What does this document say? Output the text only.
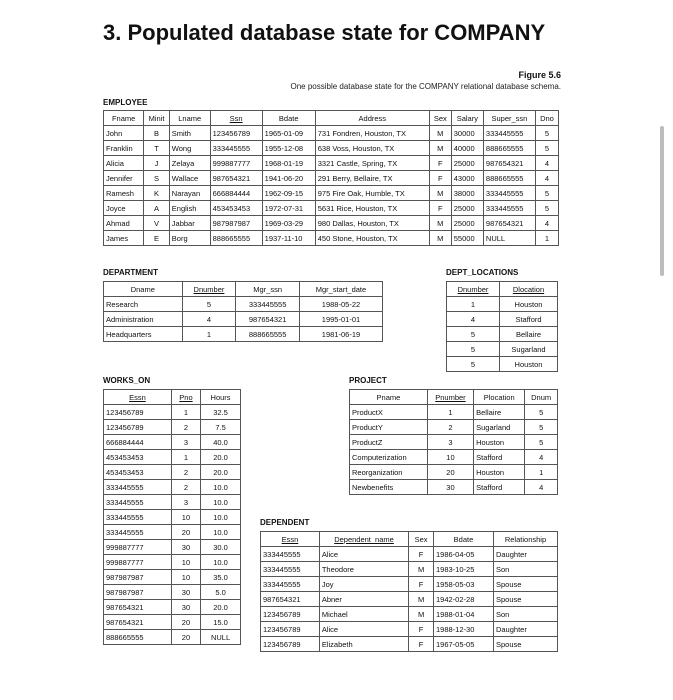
3. Populated database state for COMPANY
Figure 5.6
One possible database state for the COMPANY relational database schema.
EMPLOYEE
Fname	Minit	Lname	Ssn	Bdate	Address	Sex	Salary	Super_ssn	Dno
John	B	Smith	123456789	1965-01-09	731 Fondren, Houston, TX	M	30000	333445555	5
Franklin	T	Wong	333445555	1955-12-08	638 Voss, Houston, TX	M	40000	888665555	5
Alicia	J	Zelaya	999887777	1968-01-19	3321 Castle, Spring, TX	F	25000	987654321	4
Jennifer	S	Wallace	987654321	1941-06-20	291 Berry, Bellaire, TX	F	43000	888665555	4
Ramesh	K	Narayan	666884444	1962-09-15	975 Fire Oak, Humble, TX	M	38000	333445555	5
Joyce	A	English	453453453	1972-07-31	5631 Rice, Houston, TX	F	25000	333445555	5
Ahmad	V	Jabbar	987987987	1969-03-29	980 Dallas, Houston, TX	M	25000	987654321	4
James	E	Borg	888665555	1937-11-10	450 Stone, Houston, TX	M	55000	NULL	1
DEPARTMENT
Dname	Dnumber	Mgr_ssn	Mgr_start_date
Research	5	333445555	1988-05-22
Administration	4	987654321	1995-01-01
Headquarters	1	888665555	1981-06-19
DEPT_LOCATIONS
Dnumber	Dlocation
1	Houston
4	Stafford
5	Bellaire
5	Sugarland
5	Houston
WORKS_ON
Essn	Pno	Hours
123456789	1	32.5
123456789	2	7.5
666884444	3	40.0
453453453	1	20.0
453453453	2	20.0
333445555	2	10.0
333445555	3	10.0
333445555	10	10.0
333445555	20	10.0
999887777	30	30.0
999887777	10	10.0
987987987	10	35.0
987987987	30	5.0
987654321	30	20.0
987654321	20	15.0
888665555	20	NULL
PROJECT
Pname	Pnumber	Plocation	Dnum
ProductX	1	Bellaire	5
ProductY	2	Sugarland	5
ProductZ	3	Houston	5
Computerization	10	Stafford	4
Reorganization	20	Houston	1
Newbenefits	30	Stafford	4
DEPENDENT
Essn	Dependent_name	Sex	Bdate	Relationship
333445555	Alice	F	1986-04-05	Daughter
333445555	Theodore	M	1983-10-25	Son
333445555	Joy	F	1958-05-03	Spouse
987654321	Abner	M	1942-02-28	Spouse
123456789	Michael	M	1988-01-04	Son
123456789	Alice	F	1988-12-30	Daughter
123456789	Elizabeth	F	1967-05-05	Spouse
